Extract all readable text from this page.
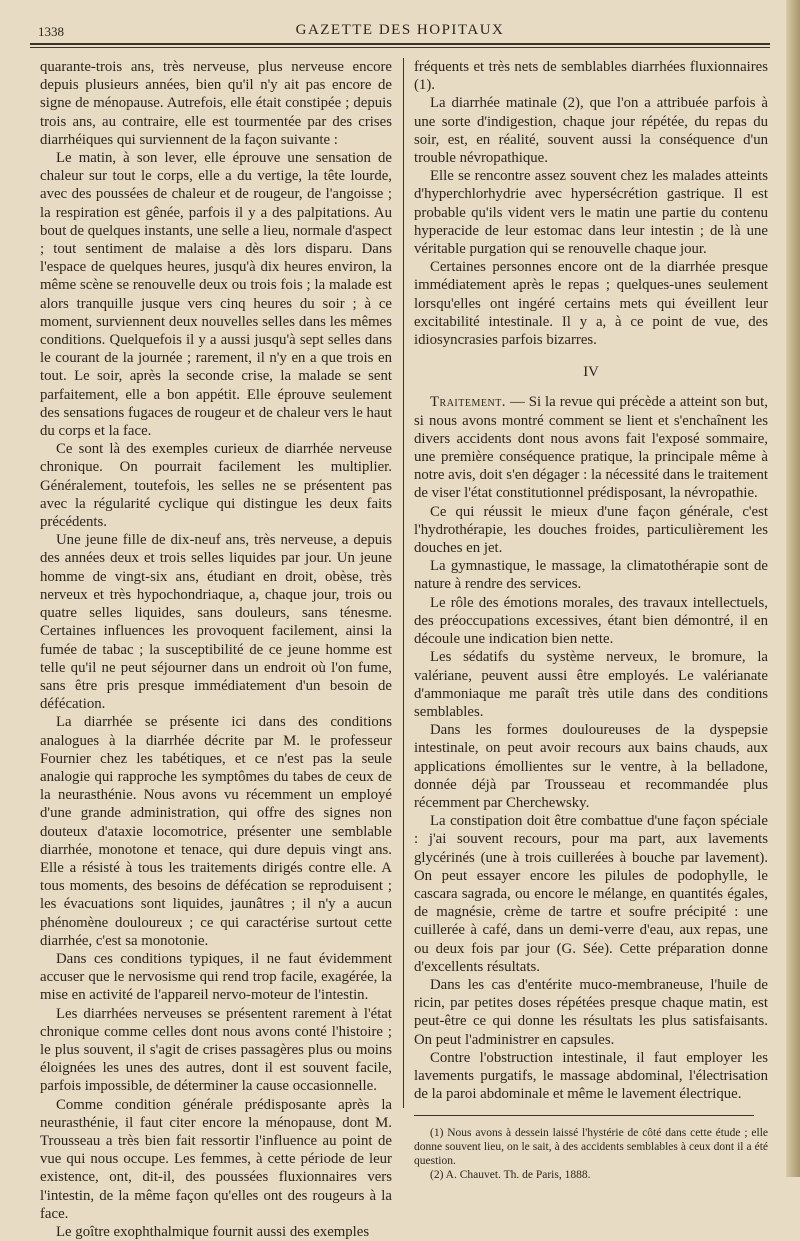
1338	GAZETTE DES HOPITAUX

quarante-trois ans, très nerveuse, plus nerveuse encore depuis plusieurs années, bien qu'il n'y ait pas encore de signe de ménopause. Autrefois, elle était constipée ; depuis trois ans, au contraire, elle est tourmentée par des crises diarrhéiques qui surviennent de la façon suivante :

Le matin, à son lever, elle éprouve une sensation de chaleur sur tout le corps, elle a du vertige, la tête lourde, avec des poussées de chaleur et de rougeur, de l'angoisse ; la respiration est gênée, parfois il y a des palpitations. Au bout de quelques instants, une selle a lieu, normale d'aspect ; tout sentiment de malaise a dès lors disparu. Dans l'espace de quelques heures, jusqu'à dix heures environ, la même scène se renouvelle deux ou trois fois ; la malade est alors tranquille jusque vers cinq heures du soir ; à ce moment, surviennent deux nouvelles selles dans les mêmes conditions. Quelquefois il y a aussi jusqu'à sept selles dans le courant de la journée ; rarement, il n'y en a que trois en tout. Le soir, après la seconde crise, la malade se sent parfaitement, elle a bon appétit. Elle éprouve seulement des sensations fugaces de rougeur et de chaleur vers le haut du corps et la face.

Ce sont là des exemples curieux de diarrhée nerveuse chronique. On pourrait facilement les multiplier. Généralement, toutefois, les selles ne se présentent pas avec la régularité cyclique qui distingue les deux faits précédents.

Une jeune fille de dix-neuf ans, très nerveuse, a depuis des années deux et trois selles liquides par jour. Un jeune homme de vingt-six ans, étudiant en droit, obèse, très nerveux et très hypochondriaque, a, chaque jour, trois ou quatre selles liquides, sans douleurs, sans ténesme. Certaines influences les provoquent facilement, ainsi la fumée de tabac ; la susceptibilité de ce jeune homme est telle qu'il ne peut séjourner dans un endroit où l'on fume, sans être pris presque immédiatement d'un besoin de défécation.

La diarrhée se présente ici dans des conditions analogues à la diarrhée décrite par M. le professeur Fournier chez les tabétiques, et ce n'est pas la seule analogie qui rapproche les symptômes du tabes de ceux de la neurasthénie. Nous avons vu récemment un employé d'une grande administration, qui offre des signes non douteux d'ataxie locomotrice, présenter une semblable diarrhée, monotone et tenace, qui dure depuis vingt ans. Elle a résisté à tous les traitements dirigés contre elle. A tous moments, des besoins de défécation se reproduisent ; les évacuations sont liquides, jaunâtres ; il n'y a aucun phénomène douloureux ; ce qui caractérise surtout cette diarrhée, c'est sa monotonie.

Dans ces conditions typiques, il ne faut évidemment accuser que le nervosisme qui rend trop facile, exagérée, la mise en activité de l'appareil nervo-moteur de l'intestin.

Les diarrhées nerveuses se présentent rarement à l'état chronique comme celles dont nous avons conté l'histoire ; le plus souvent, il s'agit de crises passagères plus ou moins éloignées les unes des autres, dont il est souvent facile, parfois impossible, de déterminer la cause occasionnelle.

Comme condition générale prédisposante après la neurasthénie, il faut citer encore la ménopause, dont M. Trousseau a très bien fait ressortir l'influence au point de vue qui nous occupe. Les femmes, à cette période de leur existence, ont, dit-il, des poussées fluxionnaires vers l'intestin, de la même façon qu'elles ont des rougeurs à la face.

Le goître exophthalmique fournit aussi des exemples

fréquents et très nets de semblables diarrhées fluxionnaires (1).

La diarrhée matinale (2), que l'on a attribuée parfois à une sorte d'indigestion, chaque jour répétée, du repas du soir, est, en réalité, souvent aussi la conséquence d'un trouble névropathique.

Elle se rencontre assez souvent chez les malades atteints d'hyperchlorhydrie avec hypersécrétion gastrique. Il est probable qu'ils vident vers le matin une partie du contenu hyperacide de leur estomac dans leur intestin ; de là une véritable purgation qui se renouvelle chaque jour.

Certaines personnes encore ont de la diarrhée presque immédiatement après le repas ; quelques-unes seulement lorsqu'elles ont ingéré certains mets qui éveillent leur excitabilité intestinale. Il y a, à ce point de vue, des idiosyncrasies parfois bizarres.

IV

Traitement. — Si la revue qui précède a atteint son but, si nous avons montré comment se lient et s'enchaînent les divers accidents dont nous avons fait l'exposé sommaire, une première conséquence pratique, la principale même à notre avis, doit s'en dégager : la nécessité dans le traitement de viser l'état constitutionnel prédisposant, la névropathie.

Ce qui réussit le mieux d'une façon générale, c'est l'hydrothérapie, les douches froides, particulièrement les douches en jet.

La gymnastique, le massage, la climatothérapie sont de nature à rendre des services.

Le rôle des émotions morales, des travaux intellectuels, des préoccupations excessives, étant bien démontré, il en découle une indication bien nette.

Les sédatifs du système nerveux, le bromure, la valériane, peuvent aussi être employés. Le valérianate d'ammoniaque me paraît très utile dans des conditions semblables.

Dans les formes douloureuses de la dyspepsie intestinale, on peut avoir recours aux bains chauds, aux applications émollientes sur le ventre, à la belladone, donnée déjà par Trousseau et recommandée plus récemment par Cherchewsky.

La constipation doit être combattue d'une façon spéciale : j'ai souvent recours, pour ma part, aux lavements glycérinés (une à trois cuillerées à bouche par lavement). On peut essayer encore les pilules de podophylle, le cascara sagrada, ou encore le mélange, en quantités égales, de magnésie, crème de tartre et soufre précipité : une cuillerée à café, dans un demi-verre d'eau, aux repas, une ou deux fois par jour (G. Sée). Cette préparation donne d'excellents résultats.

Dans les cas d'entérite muco-membraneuse, l'huile de ricin, par petites doses répétées presque chaque matin, est peut-être ce qui donne les résultats les plus satisfaisants. On peut l'administrer en capsules.

Contre l'obstruction intestinale, il faut employer les lavements purgatifs, le massage abdominal, l'électrisation de la paroi abdominale et même le lavement électrique.

(1) Nous avons à dessein laissé l'hystérie de côté dans cette étude ; elle donne souvent lieu, on le sait, à des accidents semblables à ceux dont il a été question.

(2) A. Chauvet. Th. de Paris, 1888.
